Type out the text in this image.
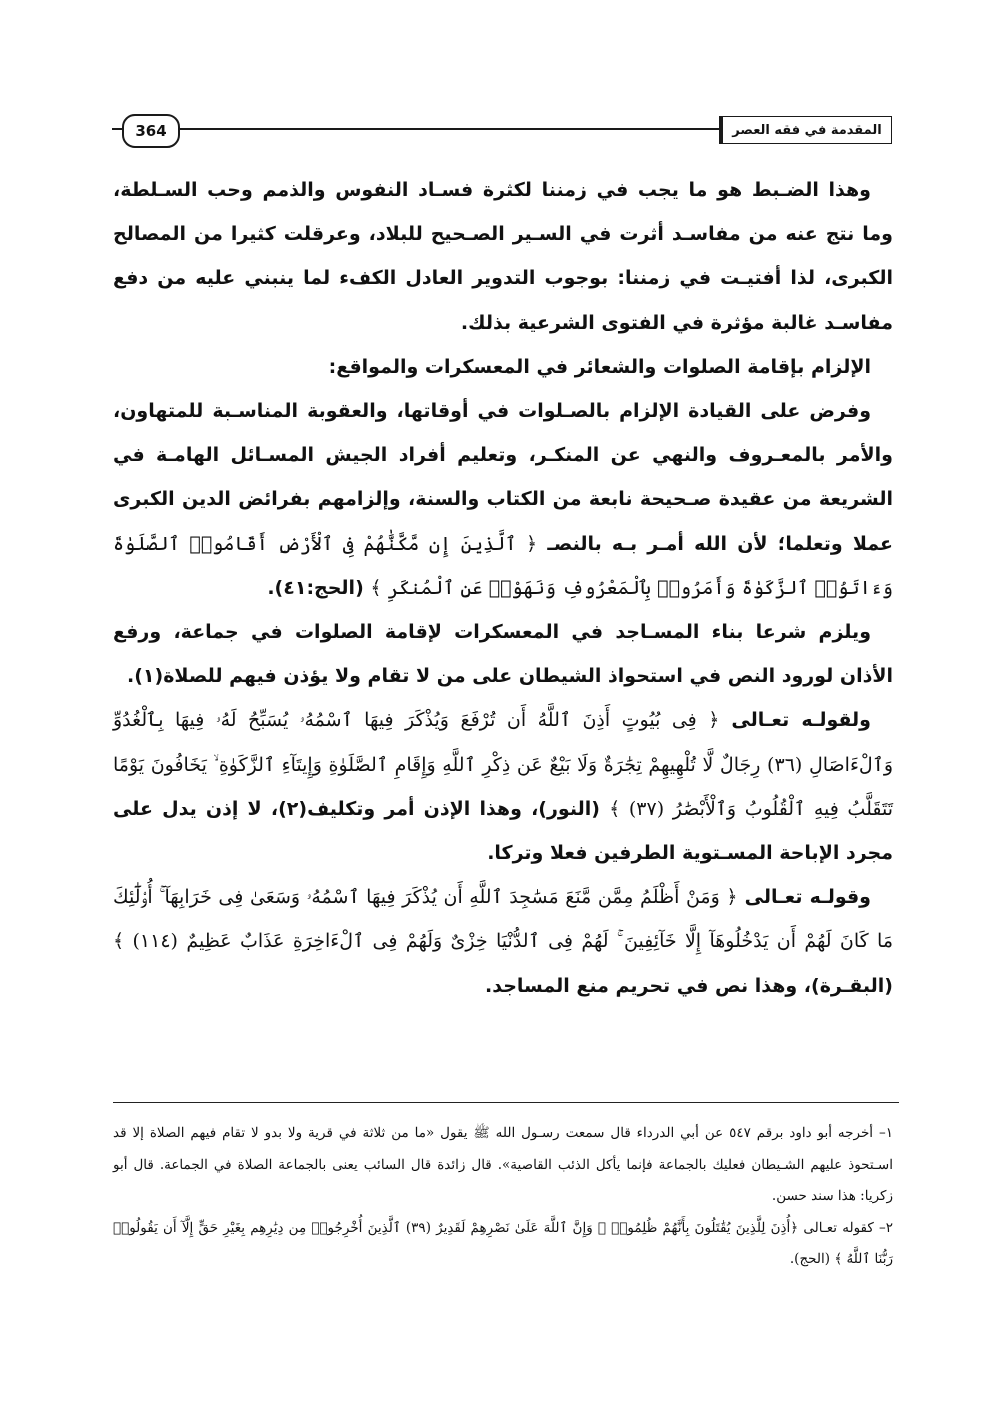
المقدمة في فقه العصر
364

وهذا الضـبط هو ما يجب في زمننا لكثرة فسـاد النفوس والذمم وحب السـلطة، وما نتج عنه من مفاسـد أثرت في السـير الصـحيح للبلاد، وعرقلت كثيرا من المصالح الكبرى، لذا أفتيـت في زمننا: بوجوب التدوير العادل الكفء لما ينبني عليه من دفع مفاسـد غالبة مؤثرة في الفتوى الشرعية بذلك.

الإلزام بإقامة الصلوات والشعائر في المعسكرات والمواقع:

وفرض على القيادة الإلزام بالصـلوات في أوقاتها، والعقوبة المناسـبة للمتهاون، والأمر بالمعـروف والنهي عن المنكـر، وتعليم أفراد الجيش المسـائل الهامـة في الشريعة من عقيدة صـحيحة نابعة من الكتاب والسنة، وإلزامهم بفرائض الدين الكبرى عملا وتعلما؛ لأن الله أمـر بـه بالنصـ ﴿ ٱلَّذِينَ إِن مَّكَّنَّٰهُمْ فِى ٱلْأَرْضِ أَقَامُوا۟ ٱلصَّلَوٰةَ وَءَاتَوُا۟ ٱلزَّكَوٰةَ وَأَمَرُوا۟ بِٱلْمَعْرُوفِ وَنَهَوْا۟ عَنِ ٱلْمُنكَرِ ﴾ (الحج:٤١).

ويلزم شرعا بناء المسـاجد في المعسكرات لإقامة الصلوات في جماعة، ورفع الأذان لورود النص في استحواذ الشيطان على من لا تقام ولا يؤذن فيهم للصلاة(١).

ولقولـه تعـالى ﴿ فِى بُيُوتٍ أَذِنَ ٱللَّهُ أَن تُرْفَعَ وَيُذْكَرَ فِيهَا ٱسْمُهُۥ يُسَبِّحُ لَهُۥ فِيهَا بِٱلْغُدُوِّ وَٱلْءَاصَالِ (٣٦) رِجَالٌ لَّا تُلْهِيهِمْ تِجَٰرَةٌ وَلَا بَيْعٌ عَن ذِكْرِ ٱللَّهِ وَإِقَامِ ٱلصَّلَوٰةِ وَإِيتَآءِ ٱلزَّكَوٰةِ ۙ يَخَافُونَ يَوْمًا تَتَقَلَّبُ فِيهِ ٱلْقُلُوبُ وَٱلْأَبْصَٰرُ (٣٧) ﴾ (النور)، وهذا الإذن أمر وتكليف(٢)، لا إذن يدل على مجرد الإباحة المسـتوية الطرفين فعلا وتركا.

وقولـه تعـالى ﴿ وَمَنْ أَظْلَمُ مِمَّن مَّنَعَ مَسَٰجِدَ ٱللَّهِ أَن يُذْكَرَ فِيهَا ٱسْمُهُۥ وَسَعَىٰ فِى خَرَابِهَآ ۚ أُو۟لَٰٓئِكَ مَا كَانَ لَهُمْ أَن يَدْخُلُوهَآ إِلَّا خَآئِفِينَ ۚ لَهُمْ فِى ٱلدُّنْيَا خِزْىٌ وَلَهُمْ فِى ٱلْءَاخِرَةِ عَذَابٌ عَظِيمٌ (١١٤) ﴾ (البقـرة)، وهذا نص في تحريم منع المساجد.

١– أخرجه أبو داود برقم ٥٤٧ عن أبي الدرداء قال سمعت رسـول الله ﷺ يقول «ما من ثلاثة في قرية ولا بدو لا تقام فيهم الصلاة إلا قد اسـتحوذ عليهم الشـيطان فعليك بالجماعة فإنما يأكل الذئب القاصية». قال زائدة قال السائب يعنى بالجماعة الصلاة في الجماعة. قال أبو زكريا: هذا سند حسن.

٢– كقوله تعـالى ﴿أُذِنَ لِلَّذِينَ يُقَٰتَلُونَ بِأَنَّهُمْ ظُلِمُوا۟ ۚ وَإِنَّ ٱللَّهَ عَلَىٰ نَصْرِهِمْ لَقَدِيرٌ (٣٩) ٱلَّذِينَ أُخْرِجُوا۟ مِن دِيَٰرِهِم بِغَيْرِ حَقٍّ إِلَّآ أَن يَقُولُوا۟ رَبُّنَا ٱللَّهُ ﴾ (الحج).
